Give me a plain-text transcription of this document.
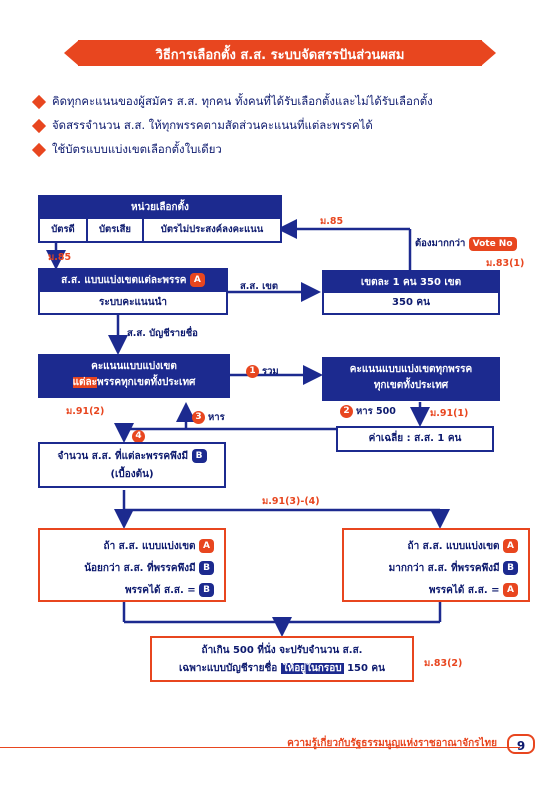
วิธีการเลือกตั้ง ส.ส. ระบบจัดสรรปันส่วนผสม
คิดทุกคะแนนของผู้สมัคร ส.ส. ทุกคน ทั้งคนที่ได้รับเลือกตั้งและไม่ได้รับเลือกตั้ง
จัดสรรจำนวน ส.ส. ให้ทุกพรรคตามสัดส่วนคะแนนที่แต่ละพรรคได้
ใช้บัตรแบบแบ่งเขตเลือกตั้งใบเดียว
หน่วยเลือกตั้ง
บัตรดี	บัตรเสีย	บัตรไม่ประสงค์ลงคะแนน
ม.85
ม.85
ต้องมากกว่า Vote No
ม.83(1)
ส.ส. แบบแบ่งเขตแต่ละพรรค A
ระบบคะแนนนำ
ส.ส. เขต	เขตละ 1 คน 350 เขต
350 คน
ส.ส. บัญชีรายชื่อ
คะแนนแบบแบ่งเขต
แต่ละพรรคทุกเขตทั้งประเทศ
ม.91(2)
1 รวม	คะแนนแบบแบ่งเขตทุกพรรค
ทุกเขตทั้งประเทศ
2 หาร 500	ม.91(1)
3 หาร
ค่าเฉลี่ย : ส.ส. 1 คน
4
จำนวน ส.ส. ที่แต่ละพรรคพึงมี B
(เบื้องต้น)
ม.91(3)-(4)
ถ้า ส.ส. แบบแบ่งเขต A
น้อยกว่า ส.ส. ที่พรรคพึงมี B
พรรคได้ ส.ส. = B
ถ้า ส.ส. แบบแบ่งเขต A
มากกว่า ส.ส. ที่พรรคพึงมี B
พรรคได้ ส.ส. = A
ถ้าเกิน 500 ที่นั่ง จะปรับจำนวน ส.ส.
เฉพาะแบบบัญชีรายชื่อ ให้อยู่ในกรอบ 150 คน	ม.83(2)
ความรู้เกี่ยวกับรัฐธรรมนูญแห่งราชอาณาจักรไทย	9
